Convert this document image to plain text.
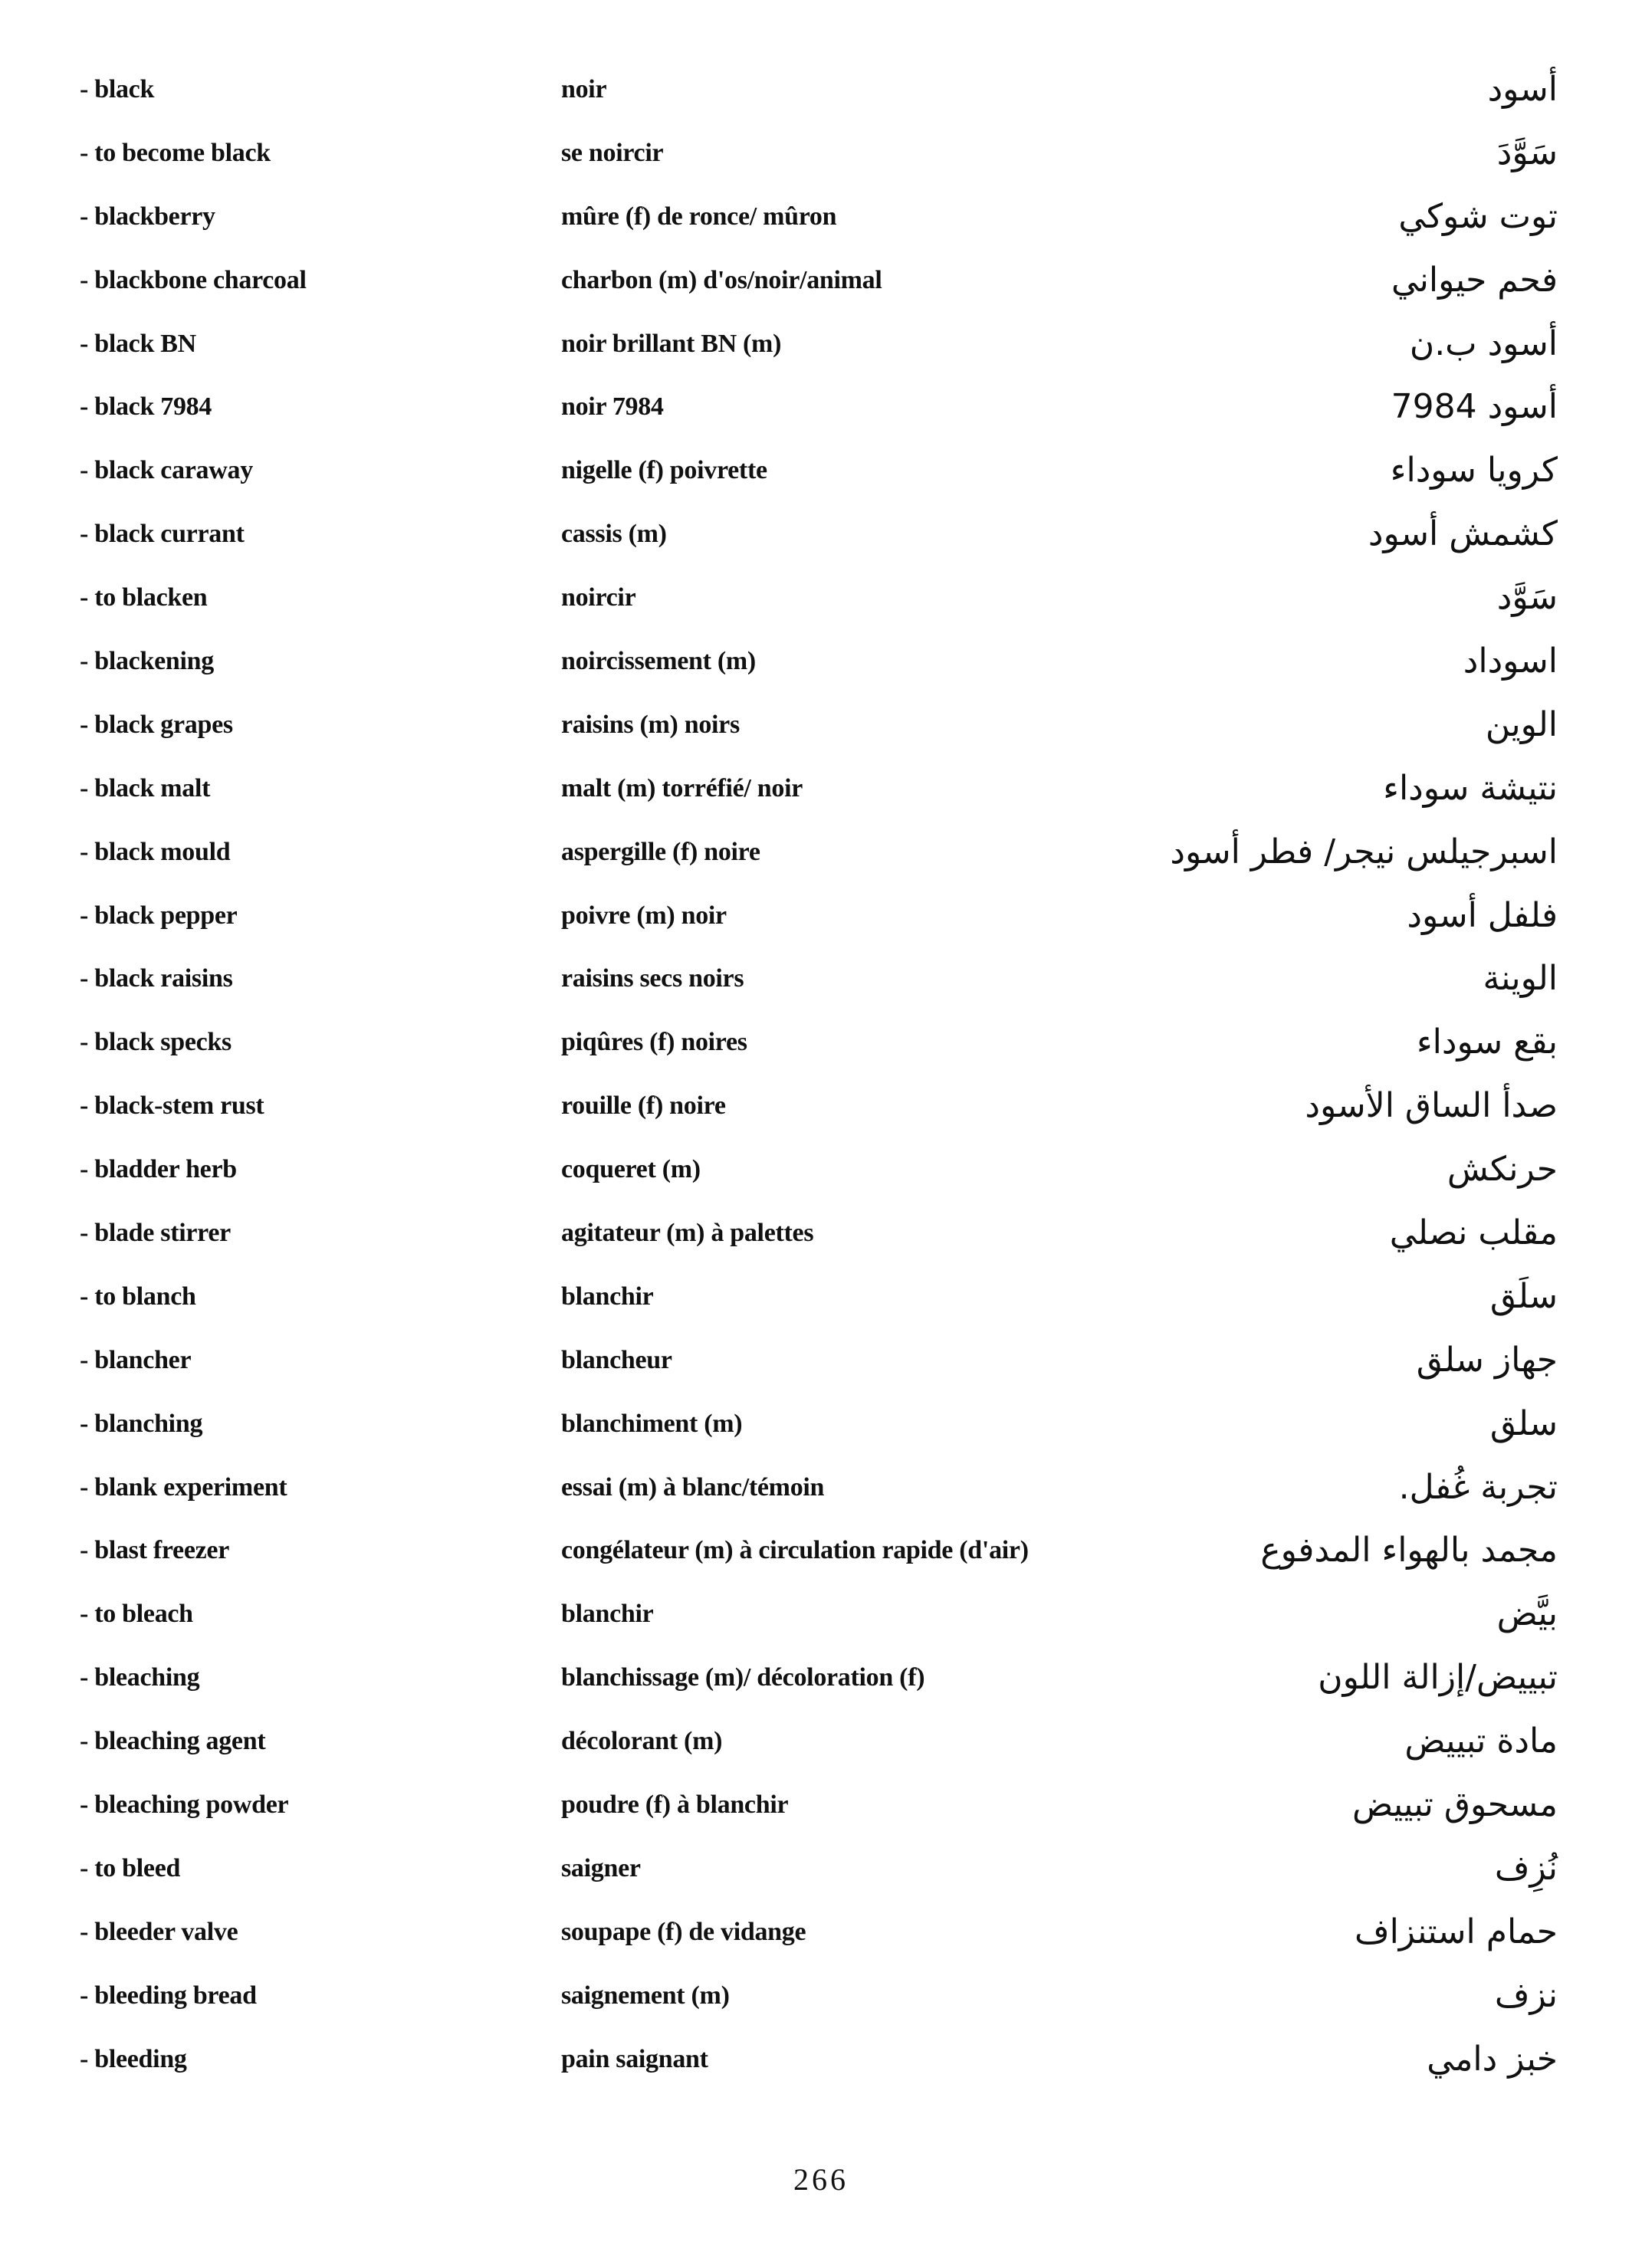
- black	noir	أسود
- to become black	se noircir	سَوَّدَ
- blackberry	mûre (f) de ronce/ mûron	توت شوكي
- blackbone charcoal	charbon (m) d'os/noir/animal	فحم حيواني
- black BN	noir brillant BN (m)	أسود ب.ن
- black 7984	noir 7984	أسود 7984
- black caraway	nigelle (f) poivrette	كرويا سوداء
- black currant	cassis (m)	كشمش أسود
- to blacken	noircir	سَوَّد
- blackening	noircissement (m)	اسوداد
- black grapes	raisins (m) noirs	الوين
- black malt	malt (m) torréfié/ noir	نتيشة سوداء
- black mould	aspergille (f) noire	اسبرجيلس نيجر/ فطر أسود
- black pepper	poivre (m) noir	فلفل أسود
- black raisins	raisins secs noirs	الوينة
- black specks	piqûres (f) noires	بقع سوداء
- black-stem rust	rouille (f) noire	صدأ الساق الأسود
- bladder herb	coqueret (m)	حرنكش
- blade stirrer	agitateur (m) à palettes	مقلب نصلي
- to blanch	blanchir	سلَق
- blancher	blancheur	جهاز سلق
- blanching	blanchiment (m)	سلق
- blank experiment	essai (m) à blanc/témoin	تجربة غُفل.
- blast freezer	congélateur (m) à circulation rapide (d'air)	مجمد بالهواء المدفوع
- to bleach	blanchir	بيَّض
- bleaching	blanchissage (m)/ décoloration (f)	تبييض/إزالة اللون
- bleaching agent	décolorant (m)	مادة تبييض
- bleaching powder	poudre (f) à blanchir	مسحوق تبييض
- to bleed	saigner	نُزِف
- bleeder valve	soupape (f) de vidange	حمام استنزاف
- bleeding bread	saignement (m)	نزف
- bleeding	pain saignant	خبز دامي
266
